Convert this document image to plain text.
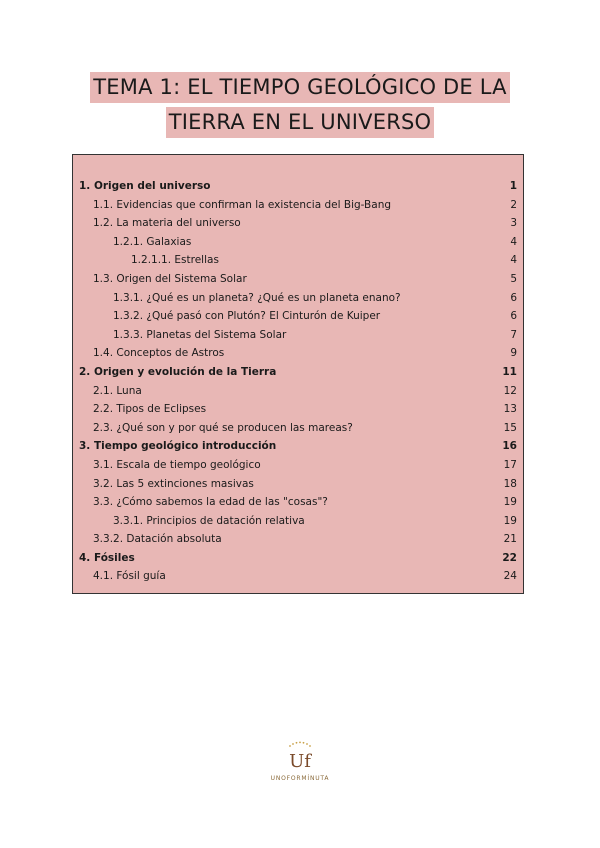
TEMA 1: EL TIEMPO GEOLÓGICO DE LA
TIERRA EN EL UNIVERSO
1. Origen del universo	1
1.1. Evidencias que confirman la existencia del Big-Bang	2
1.2. La materia del universo	3
1.2.1. Galaxias	4
1.2.1.1. Estrellas	4
1.3. Origen del Sistema Solar	5
1.3.1. ¿Qué es un planeta? ¿Qué es un planeta enano?	6
1.3.2. ¿Qué pasó con Plutón? El Cinturón de Kuiper	6
1.3.3. Planetas del Sistema Solar	7
1.4. Conceptos de Astros	9
2. Origen y evolución de la Tierra	11
2.1. Luna	12
2.2. Tipos de Eclipses	13
2.3. ¿Qué son y por qué se producen las mareas?	15
3. Tiempo geológico introducción	16
3.1. Escala de tiempo geológico	17
3.2. Las 5 extinciones masivas	18
3.3. ¿Cómo sabemos la edad de las "cosas"?	19
3.3.1. Principios de datación relativa	19
3.3.2. Datación absoluta	21
4. Fósiles	22
4.1. Fósil guía	24
Uf
UNOFORMÍNUTA
